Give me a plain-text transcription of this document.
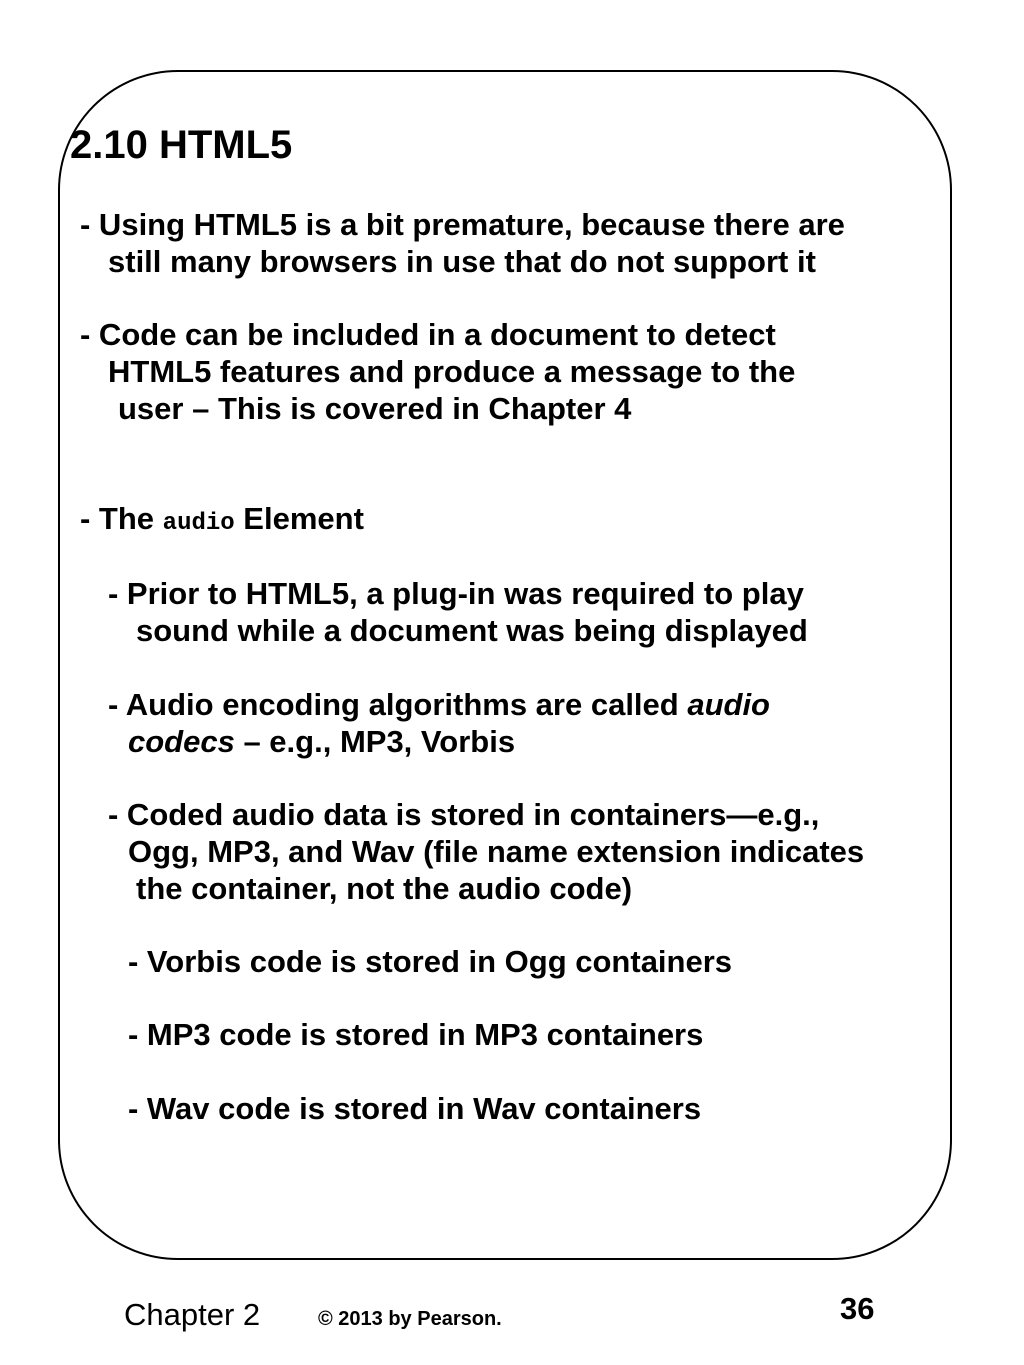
2.10 HTML5
- Using HTML5 is a bit premature, because there are
still many browsers in use that do not support it
- Code can be included in a document to detect
HTML5 features and produce a message to the
user – This is covered in Chapter 4
- The audio Element
- Prior to HTML5, a plug-in was required to play
sound while a document was being displayed
- Audio encoding algorithms are called audio
codecs – e.g., MP3, Vorbis
- Coded audio data is stored in containers—e.g.,
Ogg, MP3, and Wav (file name extension indicates
the container, not the audio code)
- Vorbis code is stored in Ogg containers
- MP3 code is stored in MP3 containers
- Wav code is stored in Wav containers
Chapter 2	© 2013 by Pearson.	36
